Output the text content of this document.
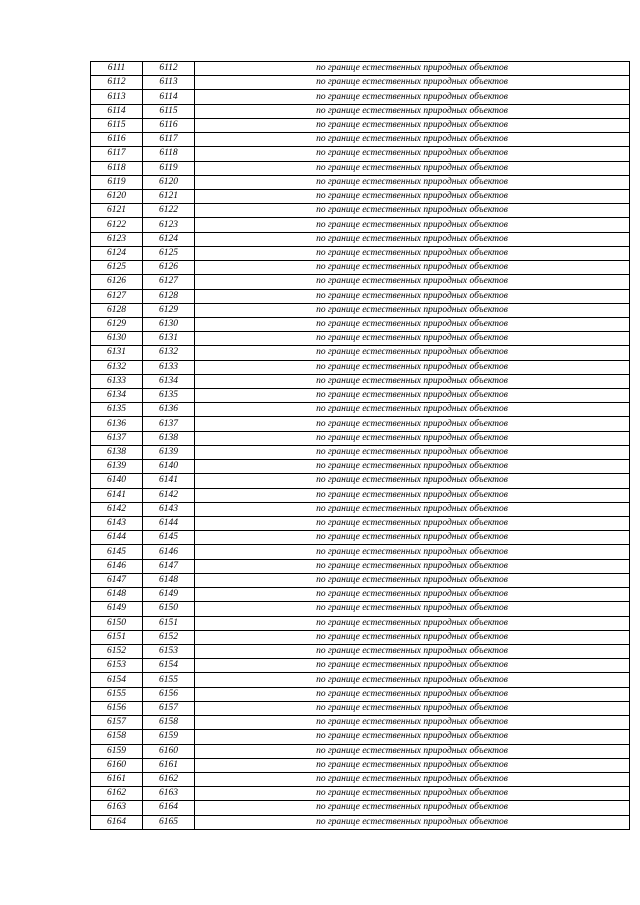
6111	6112	по границе естественных природных объектов
6112	6113	по границе естественных природных объектов
6113	6114	по границе естественных природных объектов
6114	6115	по границе естественных природных объектов
6115	6116	по границе естественных природных объектов
6116	6117	по границе естественных природных объектов
6117	6118	по границе естественных природных объектов
6118	6119	по границе естественных природных объектов
6119	6120	по границе естественных природных объектов
6120	6121	по границе естественных природных объектов
6121	6122	по границе естественных природных объектов
6122	6123	по границе естественных природных объектов
6123	6124	по границе естественных природных объектов
6124	6125	по границе естественных природных объектов
6125	6126	по границе естественных природных объектов
6126	6127	по границе естественных природных объектов
6127	6128	по границе естественных природных объектов
6128	6129	по границе естественных природных объектов
6129	6130	по границе естественных природных объектов
6130	6131	по границе естественных природных объектов
6131	6132	по границе естественных природных объектов
6132	6133	по границе естественных природных объектов
6133	6134	по границе естественных природных объектов
6134	6135	по границе естественных природных объектов
6135	6136	по границе естественных природных объектов
6136	6137	по границе естественных природных объектов
6137	6138	по границе естественных природных объектов
6138	6139	по границе естественных природных объектов
6139	6140	по границе естественных природных объектов
6140	6141	по границе естественных природных объектов
6141	6142	по границе естественных природных объектов
6142	6143	по границе естественных природных объектов
6143	6144	по границе естественных природных объектов
6144	6145	по границе естественных природных объектов
6145	6146	по границе естественных природных объектов
6146	6147	по границе естественных природных объектов
6147	6148	по границе естественных природных объектов
6148	6149	по границе естественных природных объектов
6149	6150	по границе естественных природных объектов
6150	6151	по границе естественных природных объектов
6151	6152	по границе естественных природных объектов
6152	6153	по границе естественных природных объектов
6153	6154	по границе естественных природных объектов
6154	6155	по границе естественных природных объектов
6155	6156	по границе естественных природных объектов
6156	6157	по границе естественных природных объектов
6157	6158	по границе естественных природных объектов
6158	6159	по границе естественных природных объектов
6159	6160	по границе естественных природных объектов
6160	6161	по границе естественных природных объектов
6161	6162	по границе естественных природных объектов
6162	6163	по границе естественных природных объектов
6163	6164	по границе естественных природных объектов
6164	6165	по границе естественных природных объектов
